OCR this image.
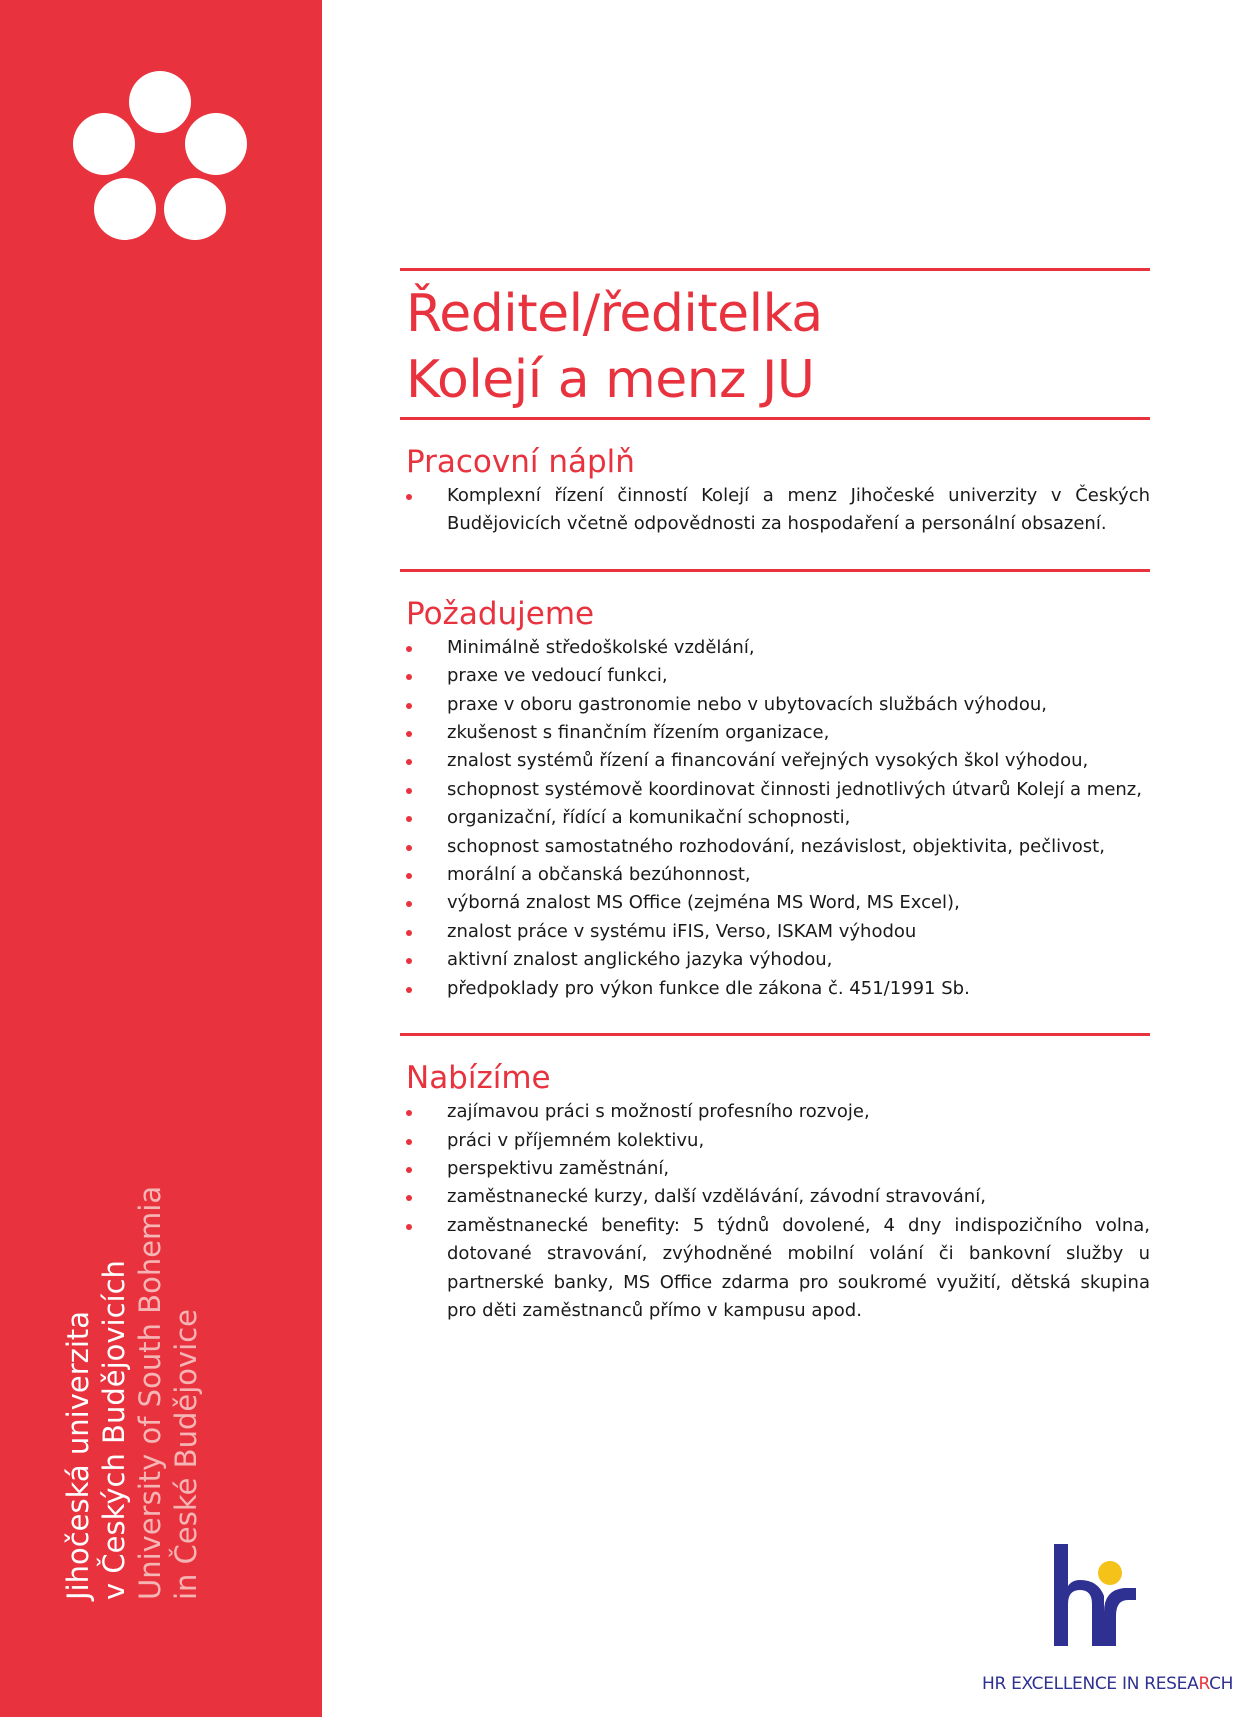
Jihočeská univerzita v Českých Budějovicích University of South Bohemia in České Budějovice
Ředitel/ředitelka
Kolejí a menz JU
Pracovní náplň
Komplexní řízení činností Kolejí a menz Jihočeské univerzity v Českých Budějovicích včetně odpovědnosti za hospodaření a personální obsazení.
Požadujeme
Minimálně středoškolské vzdělání,
praxe ve vedoucí funkci,
praxe v oboru gastronomie nebo v ubytovacích službách výhodou,
zkušenost s finančním řízením organizace,
znalost systémů řízení a financování veřejných vysokých škol výhodou,
schopnost systémově koordinovat činnosti jednotlivých útvarů Kolejí a menz,
organizační, řídící a komunikační schopnosti,
schopnost samostatného rozhodování, nezávislost, objektivita, pečlivost,
morální a občanská bezúhonnost,
výborná znalost MS Office (zejména MS Word, MS Excel),
znalost práce v systému iFIS, Verso, ISKAM výhodou
aktivní znalost anglického jazyka výhodou,
předpoklady pro výkon funkce dle zákona č. 451/1991 Sb.
Nabízíme
zajímavou práci s možností profesního rozvoje,
práci v příjemném kolektivu,
perspektivu zaměstnání,
zaměstnanecké kurzy, další vzdělávání, závodní stravování,
zaměstnanecké benefity: 5 týdnů dovolené, 4 dny indispozičního volna, dotované stravování, zvýhodněné mobilní volání či bankovní služby u partnerské banky, MS Office zdarma pro soukromé využití, dětská skupina pro děti zaměstnanců přímo v kampusu apod.
HR EXCELLENCE IN RESEARCH
